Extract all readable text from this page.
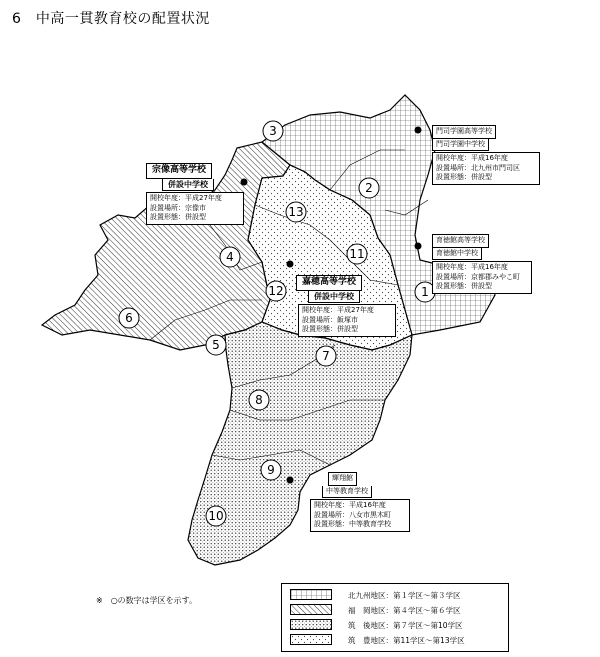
6　中高一貫教育校の配置状況
1
2
3
4
5
6
7
8
9
10
11
12
13
宗像高等学校
併設中学校
開校年度：平成27年度
設置場所：宗像市
設置形態：併設型
門司学園高等学校
門司学園中学校
開校年度：平成16年度
設置場所：北九州市門司区
設置形態：併設型
育徳館高等学校
育徳館中学校
開校年度：平成16年度
設置場所：京都郡みやこ町
設置形態：併設型
嘉穂高等学校
併設中学校
開校年度：平成27年度
設置場所：飯塚市
設置形態：併設型
輝翔館
中等教育学校
開校年度：平成16年度
設置場所：八女市黒木町
設置形態：中等教育学校
※　○の数字は学区を示す。
北九州地区：第１学区～第３学区
福　岡地区：第４学区～第６学区
筑　後地区：第７学区～第10学区
筑　豊地区：第11学区～第13学区
